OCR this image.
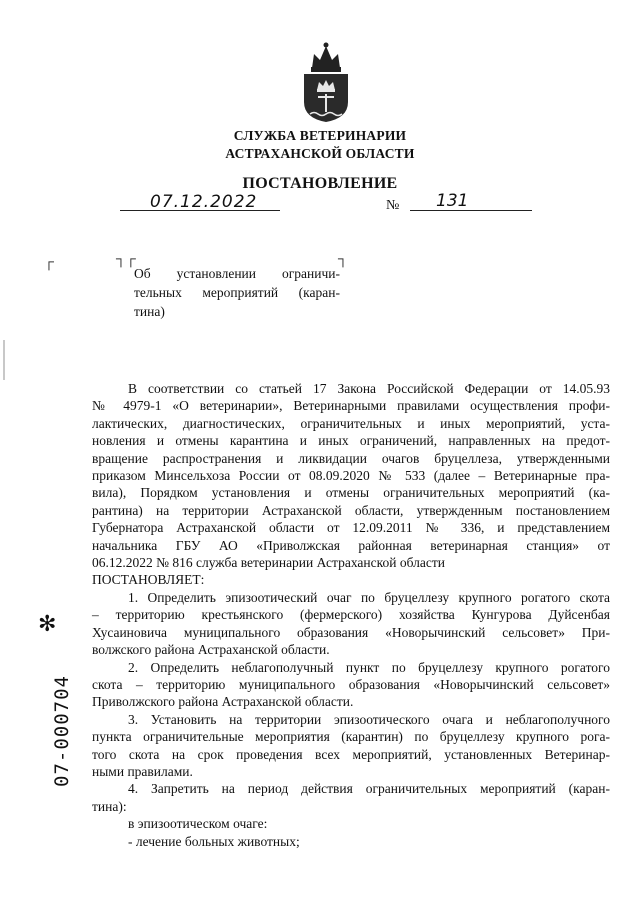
СЛУЖБА ВЕТЕРИНАРИИ
АСТРАХАНСКОЙ ОБЛАСТИ
ПОСТАНОВЛЕНИЕ
07.12.2022	№ 131
┌	┐┌	┐
Об установлении ограничи-
тельных мероприятий (каран-
тина)
В соответствии со статьей 17 Закона Российской Федерации от 14.05.93
№ 4979-1 «О ветеринарии», Ветеринарными правилами осуществления профи-
лактических, диагностических, ограничительных и иных мероприятий, уста-
новления и отмены карантина и иных ограничений, направленных на предот-
вращение распространения и ликвидации очагов бруцеллеза, утвержденными
приказом Минсельхоза России от 08.09.2020 № 533 (далее – Ветеринарные пра-
вила), Порядком установления и отмены ограничительных мероприятий (ка-
рантина) на территории Астраханской области, утвержденным постановлением
Губернатора Астраханской области от 12.09.2011 № 336, и представлением
начальника ГБУ АО «Приволжская районная ветеринарная станция» от
06.12.2022 № 816 служба ветеринарии Астраханской области
ПОСТАНОВЛЯЕТ:
1. Определить эпизоотический очаг по бруцеллезу крупного рогатого скота
– территорию крестьянского (фермерского) хозяйства Кунгурова Дуйсенбая
Хусаиновича муниципального образования «Новорычинский сельсовет» При-
волжского района Астраханской области.
2. Определить неблагополучный пункт по бруцеллезу крупного рогатого
скота – территорию муниципального образования «Новорычинский сельсовет»
Приволжского района Астраханской области.
3. Установить на территории эпизоотического очага и неблагополучного
пункта ограничительные мероприятия (карантин) по бруцеллезу крупного рога-
того скота на срок проведения всех мероприятий, установленных Ветеринар-
ными правилами.
4. Запретить на период действия ограничительных мероприятий (каран-
тина):
в эпизоотическом очаге:
- лечение больных животных;
✻
07-000704
